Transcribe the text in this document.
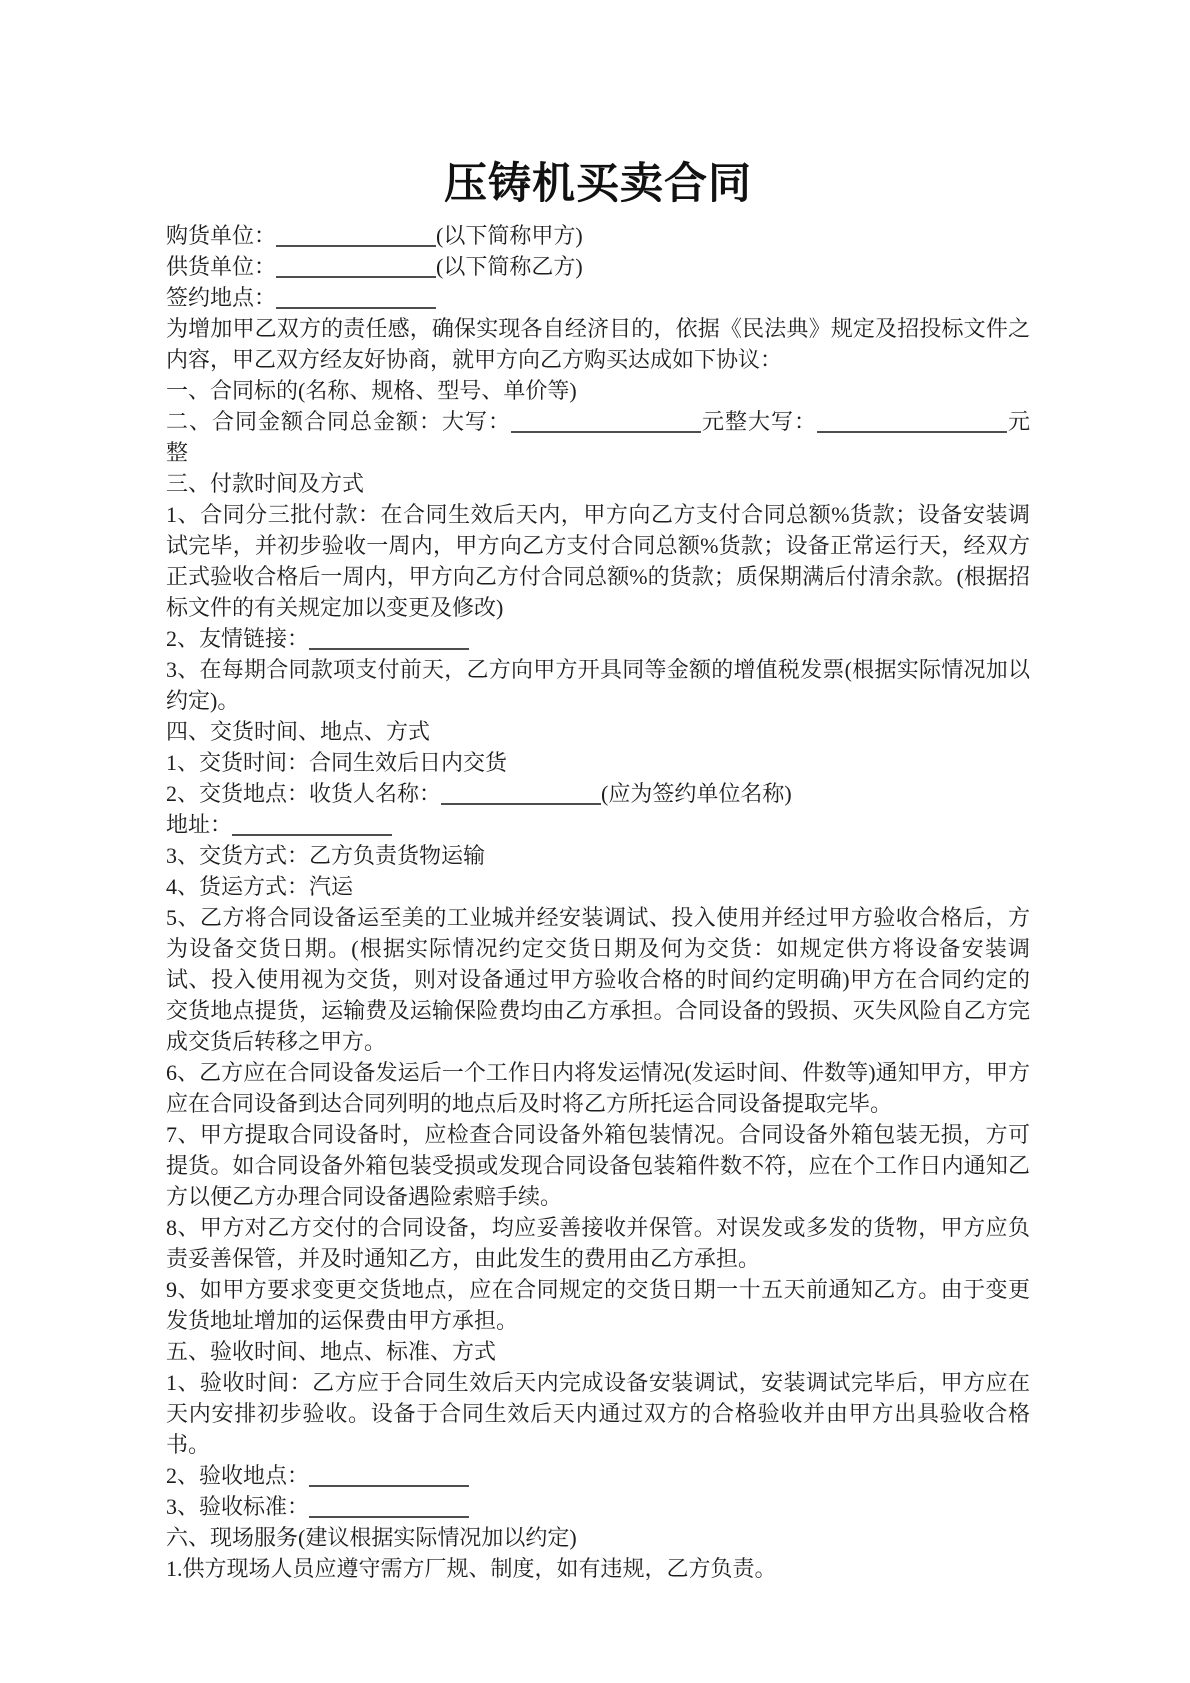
压铸机买卖合同

购货单位：	(以下简称甲方)

供货单位：	(以下简称乙方)

签约地点：

为增加甲乙双方的责任感，确保实现各自经济目的，依据《民法典》规定及招投标文件之内容，甲乙双方经友好协商，就甲方向乙方购买达成如下协议：

一、合同标的(名称、规格、型号、单价等)

二、合同金额合同总金额：大写：	元整大写：	元整

三、付款时间及方式

1、合同分三批付款：在合同生效后天内，甲方向乙方支付合同总额%货款；设备安装调试完毕，并初步验收一周内，甲方向乙方支付合同总额%货款；设备正常运行天，经双方正式验收合格后一周内，甲方向乙方付合同总额%的货款；质保期满后付清余款。(根据招标文件的有关规定加以变更及修改)

2、友情链接：

3、在每期合同款项支付前天，乙方向甲方开具同等金额的增值税发票(根据实际情况加以约定)。

四、交货时间、地点、方式

1、交货时间：合同生效后日内交货

2、交货地点：收货人名称：	(应为签约单位名称)

地址：

3、交货方式：乙方负责货物运输

4、货运方式：汽运

5、乙方将合同设备运至美的工业城并经安装调试、投入使用并经过甲方验收合格后，方为设备交货日期。(根据实际情况约定交货日期及何为交货：如规定供方将设备安装调试、投入使用视为交货，则对设备通过甲方验收合格的时间约定明确)甲方在合同约定的交货地点提货，运输费及运输保险费均由乙方承担。合同设备的毁损、灭失风险自乙方完成交货后转移之甲方。

6、乙方应在合同设备发运后一个工作日内将发运情况(发运时间、件数等)通知甲方，甲方应在合同设备到达合同列明的地点后及时将乙方所托运合同设备提取完毕。

7、甲方提取合同设备时，应检查合同设备外箱包装情况。合同设备外箱包装无损，方可提货。如合同设备外箱包装受损或发现合同设备包装箱件数不符，应在个工作日内通知乙方以便乙方办理合同设备遇险索赔手续。

8、甲方对乙方交付的合同设备，均应妥善接收并保管。对误发或多发的货物，甲方应负责妥善保管，并及时通知乙方，由此发生的费用由乙方承担。

9、如甲方要求变更交货地点，应在合同规定的交货日期一十五天前通知乙方。由于变更发货地址增加的运保费由甲方承担。

五、验收时间、地点、标准、方式

1、验收时间：乙方应于合同生效后天内完成设备安装调试，安装调试完毕后，甲方应在天内安排初步验收。设备于合同生效后天内通过双方的合格验收并由甲方出具验收合格书。

2、验收地点：

3、验收标准：

六、现场服务(建议根据实际情况加以约定)

1.供方现场人员应遵守需方厂规、制度，如有违规，乙方负责。
